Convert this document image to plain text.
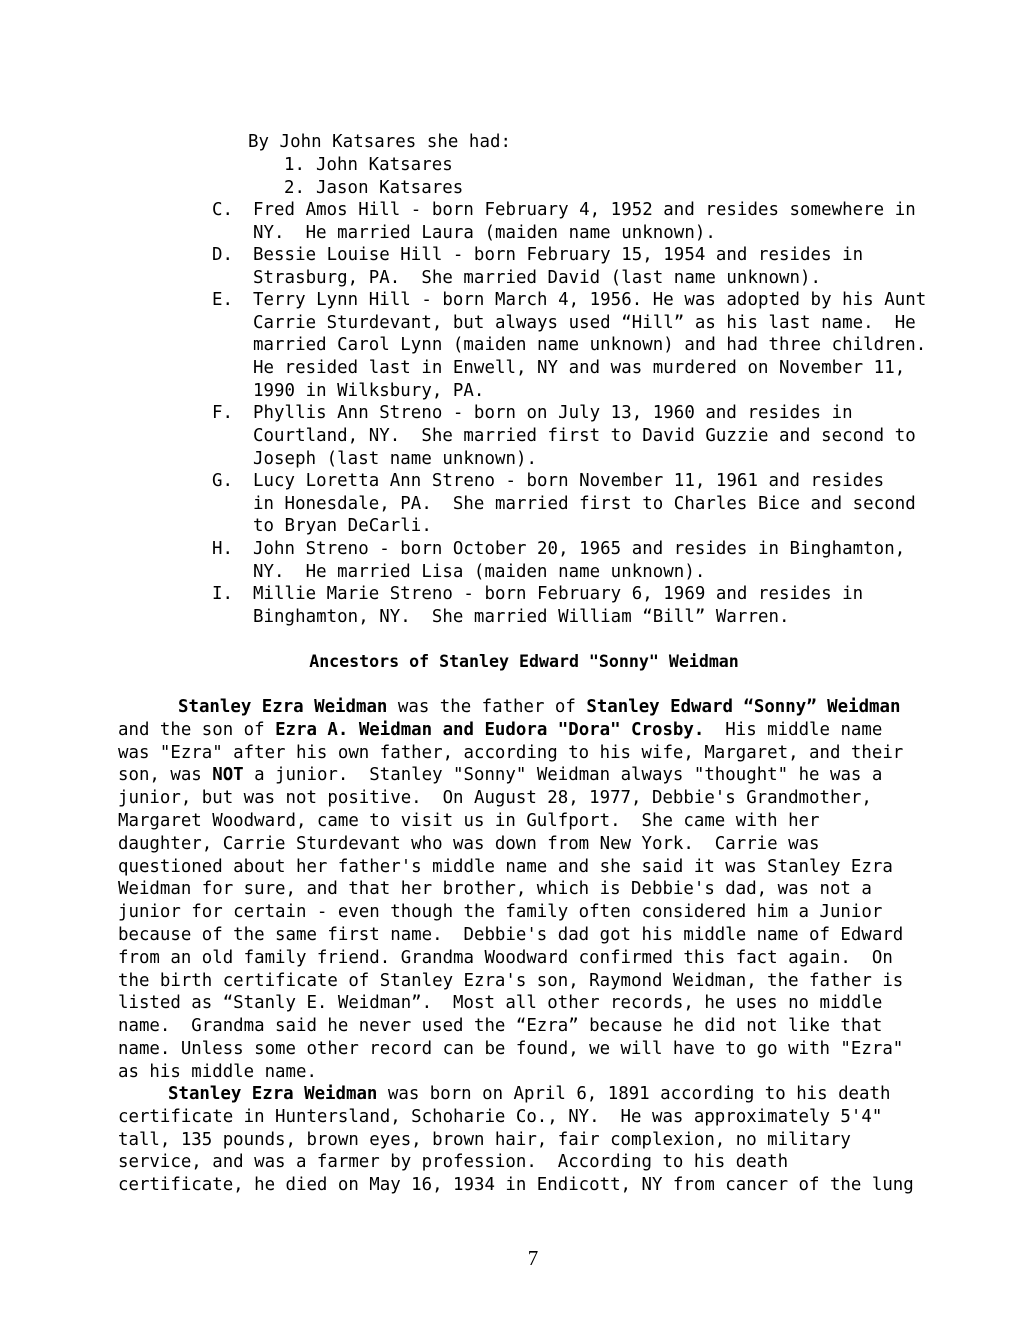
By John Katsares she had:
1. John Katsares
2. Jason Katsares
C. Fred Amos Hill - born February 4, 1952 and resides somewhere in
NY.  He married Laura (maiden name unknown).
D. Bessie Louise Hill - born February 15, 1954 and resides in
Strasburg, PA.  She married David (last name unknown).
E. Terry Lynn Hill - born March 4, 1956. He was adopted by his Aunt
Carrie Sturdevant, but always used “Hill” as his last name.  He
married Carol Lynn (maiden name unknown) and had three children.
He resided last in Enwell, NY and was murdered on November 11,
1990 in Wilksbury, PA.
F. Phyllis Ann Streno - born on July 13, 1960 and resides in
Courtland, NY.  She married first to David Guzzie and second to
Joseph (last name unknown).
G. Lucy Loretta Ann Streno - born November 11, 1961 and resides
in Honesdale, PA.  She married first to Charles Bice and second
to Bryan DeCarli.
H. John Streno - born October 20, 1965 and resides in Binghamton,
NY.  He married Lisa (maiden name unknown).
I. Millie Marie Streno - born February 6, 1969 and resides in
Binghamton, NY.  She married William “Bill” Warren.
Ancestors of Stanley Edward "Sonny" Weidman
Stanley Ezra Weidman was the father of Stanley Edward “Sonny” Weidman
and the son of Ezra A. Weidman and Eudora "Dora" Crosby.  His middle name
was "Ezra" after his own father, according to his wife, Margaret, and their
son, was NOT a junior.  Stanley "Sonny" Weidman always "thought" he was a
junior, but was not positive.  On August 28, 1977, Debbie's Grandmother,
Margaret Woodward, came to visit us in Gulfport.  She came with her
daughter, Carrie Sturdevant who was down from New York.  Carrie was
questioned about her father's middle name and she said it was Stanley Ezra
Weidman for sure, and that her brother, which is Debbie's dad, was not a
junior for certain - even though the family often considered him a Junior
because of the same first name.  Debbie's dad got his middle name of Edward
from an old family friend. Grandma Woodward confirmed this fact again.  On
the birth certificate of Stanley Ezra's son, Raymond Weidman, the father is
listed as “Stanly E. Weidman”.  Most all other records, he uses no middle
name.  Grandma said he never used the “Ezra” because he did not like that
name. Unless some other record can be found, we will have to go with "Ezra"
as his middle name.
Stanley Ezra Weidman was born on April 6, 1891 according to his death
certificate in Huntersland, Schoharie Co., NY.  He was approximately 5'4"
tall, 135 pounds, brown eyes, brown hair, fair complexion, no military
service, and was a farmer by profession.  According to his death
certificate, he died on May 16, 1934 in Endicott, NY from cancer of the lung
7
